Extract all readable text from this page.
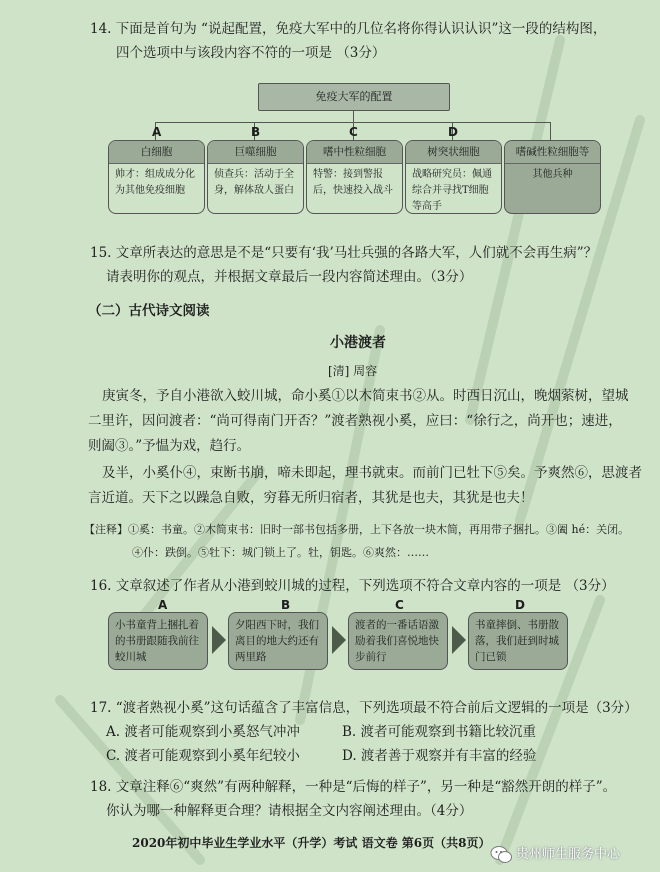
14. 下面是首句为 “说起配置，免疫大军中的几位名将你得认识认识”这一段的结构图，
四个选项中与该段内容不符的一项是 （3分）
免疫大军的配置
A	B	C	D
白细胞
帅才：组成成分化为其他免疫细胞
巨噬细胞
侦查兵：活动于全身，解体敌人蛋白
嗜中性粒细胞
特警：接到警报后，快速投入战斗
树突状细胞
战略研究员：佩通综合并寻找T细胞等高手
嗜碱性粒细胞等
其他兵种
15. 文章所表达的意思是不是“只要有‘我’马壮兵强的各路大军，人们就不会再生病”？
请表明你的观点，并根据文章最后一段内容简述理由。（3分）
（二）古代诗文阅读
小港渡者
[清] 周容
庚寅冬，予自小港欲入蛟川城，命小奚①以木简束书②从。时西日沉山，晚烟萦树，望城
二里许，因问渡者：“尚可得南门开否？”渡者熟视小奚，应曰：“徐行之，尚开也；速进，
则阖③。”予愠为戏，趋行。
及半，小奚仆④，束断书崩，啼未即起，理书就束。而前门已牡下⑤矣。予爽然⑥，思渡者
言近道。天下之以躁急自败，穷暮无所归宿者，其犹是也夫，其犹是也夫！
【注释】①奚：书童。②木简束书：旧时一部书包括多册，上下各放一块木简，再用带子捆扎。③阖 hé：关闭。
④仆：跌倒。⑤牡下：城门锁上了。牡，钥匙。⑥爽然：……
16. 文章叙述了作者从小港到蛟川城的过程，下列选项不符合文章内容的一项是 （3分）
A	B	C	D
小书童背上捆扎着的书册跟随我前往蛟川城
夕阳西下时，我们离目的地大约还有两里路
渡者的一番话语激励着我们喜悦地快步前行
书童摔倒、书册散落，我们赶到时城门已锁
17. “渡者熟视小奚”这句话蕴含了丰富信息，下列选项最不符合前后文逻辑的一项是（3分）
A. 渡者可能观察到小奚怒气冲冲	B. 渡者可能观察到书籍比较沉重
C. 渡者可能观察到小奚年纪较小	D. 渡者善于观察并有丰富的经验
18. 文章注释⑥“爽然”有两种解释，一种是“后悔的样子”，另一种是“豁然开朗的样子”。
你认为哪一种解释更合理？请根据全文内容阐述理由。（4分）
2020年初中毕业生学业水平（升学）考试 语文卷 第6页（共8页）
贵州师生服务中心
